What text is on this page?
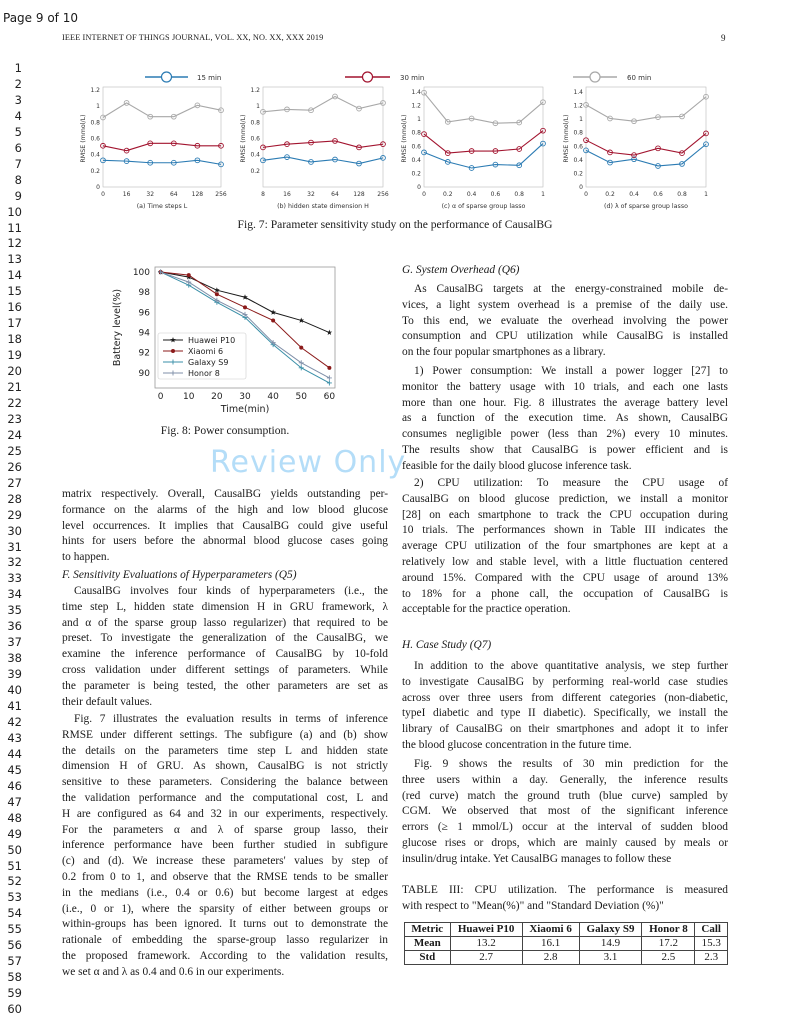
Page 9 of 10
IEEE INTERNET OF THINGS JOURNAL, VOL. XX, NO. XX, XXX 2019	9
1
2
3
4
5
6
7
8
9
10
11
12
13
14
15
16
17
18
19
20
21
22
23
24
25
26
27
28
29
30
31
32
33
34
35
36
37
38
39
40
41
42
43
44
45
46
47
48
49
50
51
52
53
54
55
56
57
58
59
60
15 min	30 min	60 min
0	16	32	64 128 256
0
0.2
0.4
0.6
0.8
1
1.2
(a) Time steps L
RMSE (mmol/L)
8	16	32	64 128 256
0.2
0.4
0.6
0.8
1
1.2
(b) hidden state dimension H
RMSE (mmol/L)
0	0.2 0.4 0.6 0.8	1
0
0.2
0.4
0.6
0.8
1
1.2
1.4
(c) α of sparse group lasso
RMSE (mmol/L)
0	0.2 0.4 0.6 0.8	1
0
0.2
0.4
0.6
0.8
1
1.2
1.4
(d) λ of sparse group lasso
RMSE (mmol/L)
Fig. 7: Parameter sensitivity study on the performance of CausalBG
0 10 20 30 40 50 60
90
92
94
96
98
100
Time(min)
Battery level(%)	Huawei P10
Xiaomi 6
Galaxy S9
Honor 8
Fig. 8: Power consumption.
matrix respectively. Overall, CausalBG yields outstanding per-
formance on the alarms of the high and low blood glucose
level occurrences. It implies that CausalBG could give useful
hints for users before the abnormal blood glucose cases going
to happen.
F. Sensitivity Evaluations of Hyperparameters (Q5)
CausalBG involves four kinds of hyperparameters (i.e., the
time step L, hidden state dimension H in GRU framework, λ
and α of the sparse group lasso regularizer) that required to be
preset. To investigate the generalization of the CausalBG, we
examine the inference performance of CausalBG by 10-fold
cross validation under different settings of parameters. While
the parameter is being tested, the other parameters are set as
their default values.
Fig. 7 illustrates the evaluation results in terms of inference
RMSE under different settings. The subfigure (a) and (b) show
the details on the parameters time step L and hidden state
dimension H of GRU. As shown, CausalBG is not strictly
sensitive to these parameters. Considering the balance between
the validation performance and the computational cost, L and
H are configured as 64 and 32 in our experiments, respectively.
For the parameters α and λ of sparse group lasso, their
inference performance have been further studied in subfigure
(c) and (d). We increase these parameters' values by step of
0.2 from 0 to 1, and observe that the RMSE tends to be smaller
in the medians (i.e., 0.4 or 0.6) but become largest at edges
(i.e., 0 or 1), where the sparsity of either between groups or
within-groups has been ignored. It turns out to demonstrate the
rationale of embedding the sparse-group lasso regularizer in
the proposed framework. According to the validation results,
we set α and λ as 0.4 and 0.6 in our experiments.
G. System Overhead (Q6)
As CausalBG targets at the energy-constrained mobile de-
vices, a light system overhead is a premise of the daily use.
To this end, we evaluate the overhead involving the power
consumption and CPU utilization while CausalBG is installed
on the four popular smartphones as a library.
1) Power consumption: We install a power logger [27] to
monitor the battery usage with 10 trials, and each one lasts
more than one hour. Fig. 8 illustrates the average battery level
as a function of the execution time. As shown, CausalBG
consumes negligible power (less than 2%) every 10 minutes.
The results show that CausalBG is power efficient and is
feasible for the daily blood glucose inference task.
2) CPU utilization: To measure the CPU usage of
CausalBG on blood glucose prediction, we install a monitor
[28] on each smartphone to track the CPU occupation during
10 trials. The performances shown in Table III indicates the
average CPU utilization of the four smartphones are kept at a
relatively low and stable level, with a little fluctuation centered
around 15%. Compared with the CPU usage of around 13%
to 18% for a phone call, the occupation of CausalBG is
acceptable for the practice operation.
H. Case Study (Q7)
In addition to the above quantitative analysis, we step further
to investigate CausalBG by performing real-world case studies
across over three users from different categories (non-diabetic,
typeI diabetic and type II diabetic). Specifically, we install the
library of CausalBG on their smartphones and adopt it to infer
the blood glucose concentration in the future time.
Fig. 9 shows the results of 30 min prediction for the
three users within a day. Generally, the inference results
(red curve) match the ground truth (blue curve) sampled by
CGM. We observed that most of the significant inference
errors (≥ 1 mmol/L) occur at the interval of sudden blood
glucose rises or drops, which are mainly caused by meals or
insulin/drug intake. Yet CausalBG manages to follow these
TABLE III: CPU utilization. The performance is measured
with respect to "Mean(%)" and "Standard Deviation (%)"
Metric	Huawei P10	Xiaomi 6	Galaxy S9	Honor 8	Call
Mean	13.2	16.1	14.9	17.2	15.3
Std	2.7	2.8	3.1	2.5	2.3
Review Only
